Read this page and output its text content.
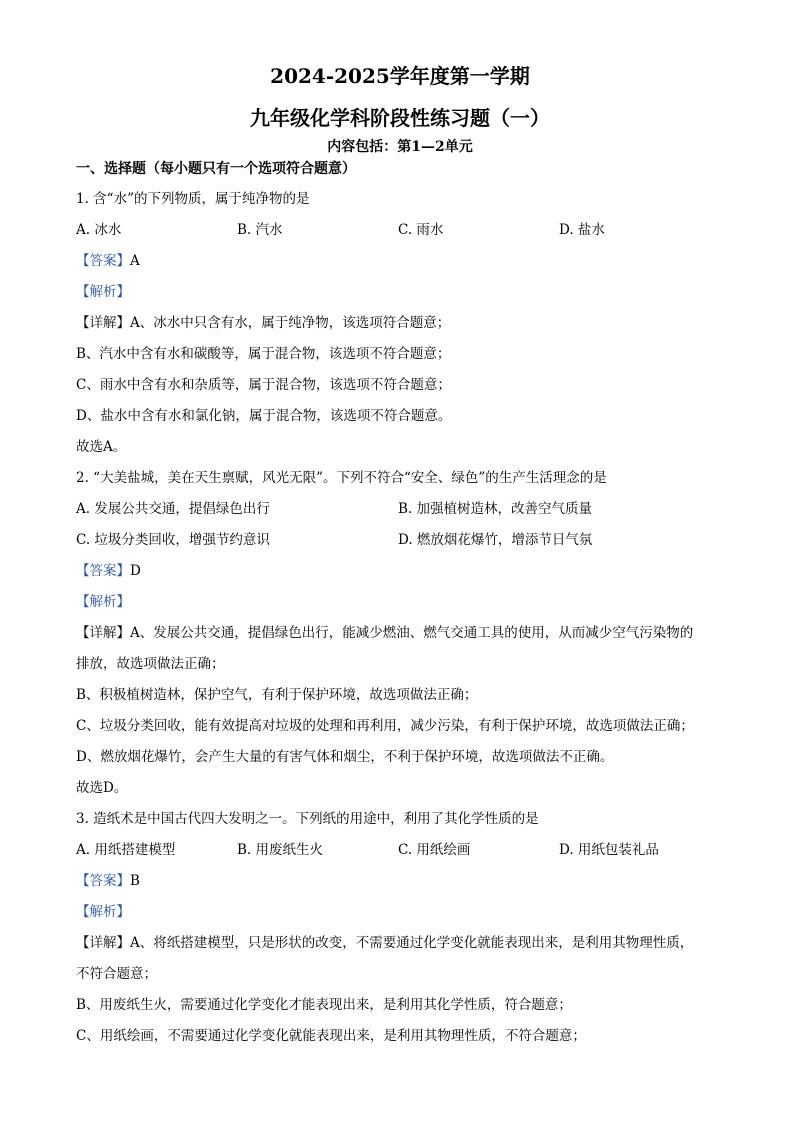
2024-2025学年度第一学期
九年级化学科阶段性练习题（一）
内容包括：第1—2单元
一、选择题（每小题只有一个选项符合题意）
1. 含“水”的下列物质，属于纯净物的是
A. 冰水	B. 汽水	C. 雨水	D. 盐水
【答案】A
【解析】
【详解】A、冰水中只含有水，属于纯净物，该选项符合题意；
B、汽水中含有水和碳酸等，属于混合物，该选项不符合题意；
C、雨水中含有水和杂质等，属于混合物，该选项不符合题意；
D、盐水中含有水和氯化钠，属于混合物，该选项不符合题意。
故选A。
2. “大美盐城，美在天生禀赋，风光无限”。下列不符合“安全、绿色”的生产生活理念的是
A. 发展公共交通，提倡绿色出行	B. 加强植树造林，改善空气质量
C. 垃圾分类回收，增强节约意识	D. 燃放烟花爆竹，增添节日气氛
【答案】D
【解析】
【详解】A、发展公共交通，提倡绿色出行，能减少燃油、燃气交通工具的使用，从而减少空气污染物的
排放，故选项做法正确；
B、积极植树造林，保护空气，有利于保护环境，故选项做法正确；
C、垃圾分类回收，能有效提高对垃圾的处理和再利用，减少污染，有利于保护环境，故选项做法正确；
D、燃放烟花爆竹，会产生大量的有害气体和烟尘，不利于保护环境，故选项做法不正确。
故选D。
3. 造纸术是中国古代四大发明之一。下列纸的用途中，利用了其化学性质的是
A. 用纸搭建模型	B. 用废纸生火	C. 用纸绘画	D. 用纸包装礼品
【答案】B
【解析】
【详解】A、将纸搭建模型，只是形状的改变，不需要通过化学变化就能表现出来，是利用其物理性质，
不符合题意；
B、用废纸生火，需要通过化学变化才能表现出来，是利用其化学性质，符合题意；
C、用纸绘画，不需要通过化学变化就能表现出来，是利用其物理性质，不符合题意；
